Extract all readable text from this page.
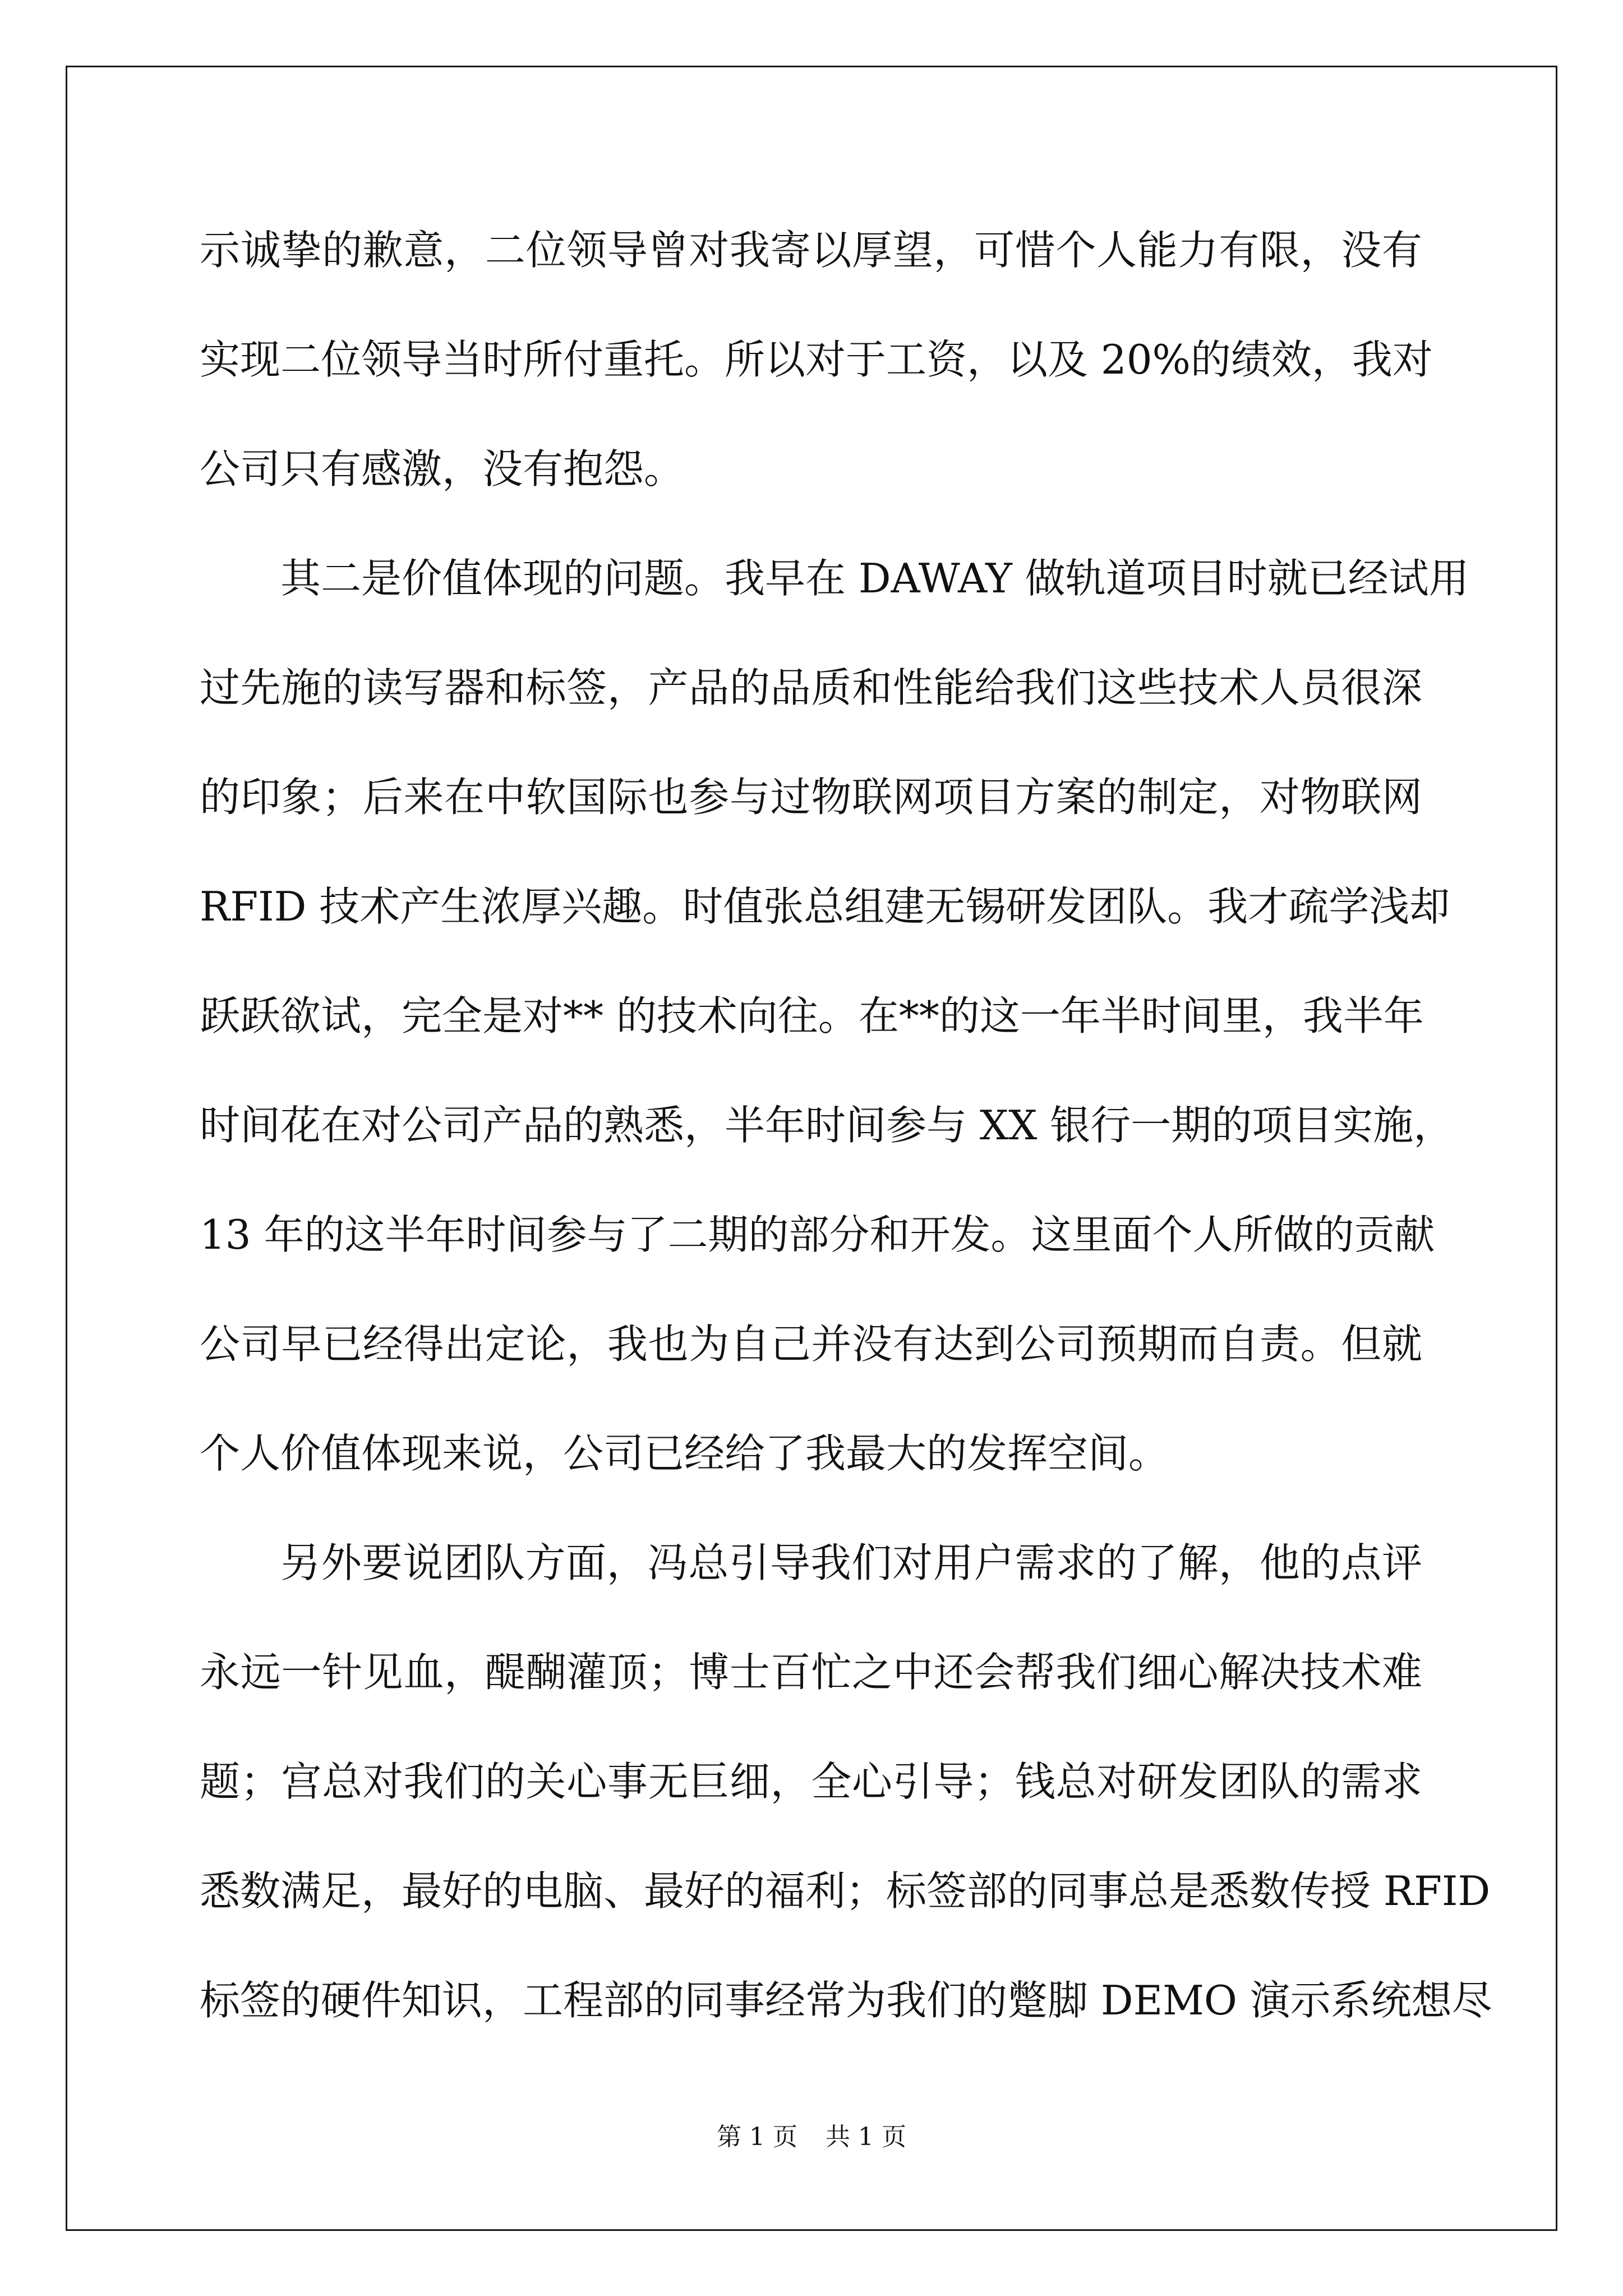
示诚挚的歉意，二位领导曾对我寄以厚望，可惜个人能力有限，没有
实现二位领导当时所付重托。所以对于工资，以及 20%的绩效，我对
公司只有感激，没有抱怨。
其二是价值体现的问题。我早在 DAWAY 做轨道项目时就已经试用
过先施的读写器和标签，产品的品质和性能给我们这些技术人员很深
的印象；后来在中软国际也参与过物联网项目方案的制定，对物联网
RFID 技术产生浓厚兴趣。时值张总组建无锡研发团队。我才疏学浅却
跃跃欲试，完全是对** 的技术向往。在**的这一年半时间里，我半年
时间花在对公司产品的熟悉，半年时间参与 XX 银行一期的项目实施，
13 年的这半年时间参与了二期的部分和开发。这里面个人所做的贡献
公司早已经得出定论，我也为自己并没有达到公司预期而自责。但就
个人价值体现来说，公司已经给了我最大的发挥空间。
另外要说团队方面，冯总引导我们对用户需求的了解，他的点评
永远一针见血，醍醐灌顶；博士百忙之中还会帮我们细心解决技术难
题；宫总对我们的关心事无巨细，全心引导；钱总对研发团队的需求
悉数满足，最好的电脑、最好的福利；标签部的同事总是悉数传授 RFID
标签的硬件知识，工程部的同事经常为我们的蹩脚 DEMO 演示系统想尽
第 1 页 共 1 页
